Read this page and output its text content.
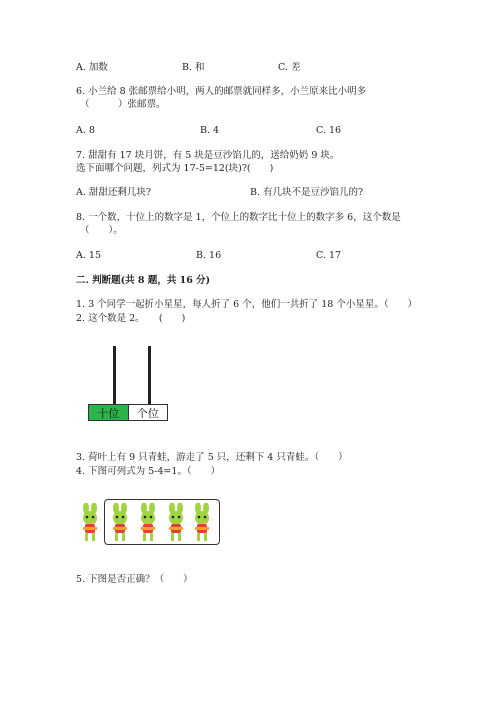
A. 加数	B. 和	C. 差
6. 小兰给 8 张邮票给小明，两人的邮票就同样多，小兰原来比小明多
（　　　）张邮票。
A. 8	B. 4	C. 16
7. 甜甜有 17 块月饼，有 5 块是豆沙馅儿的，送给奶奶 9 块。
选下面哪个问题，列式为 17-5=12(块)?(　　)
A. 甜甜还剩几块?	B. 有几块不是豆沙馅儿的?
8. 一个数，十位上的数字是 1，个位上的数字比十位上的数字多 6，这个数是
（　　）。
A. 15	B. 16	C. 17
二. 判断题(共 8 题，共 16 分)
1. 3 个同学一起折小星星，每人折了 6 个，他们一共折了 18 个小星星。（　　）
2. 这个数是 2。　　(　　)
十位	个位
3. 荷叶上有 9 只青蛙，游走了 5 只，还剩下 4 只青蛙。（　　）
4. 下图可列式为 5-4=1。（　　）
5. 下图是否正确？（　　）
